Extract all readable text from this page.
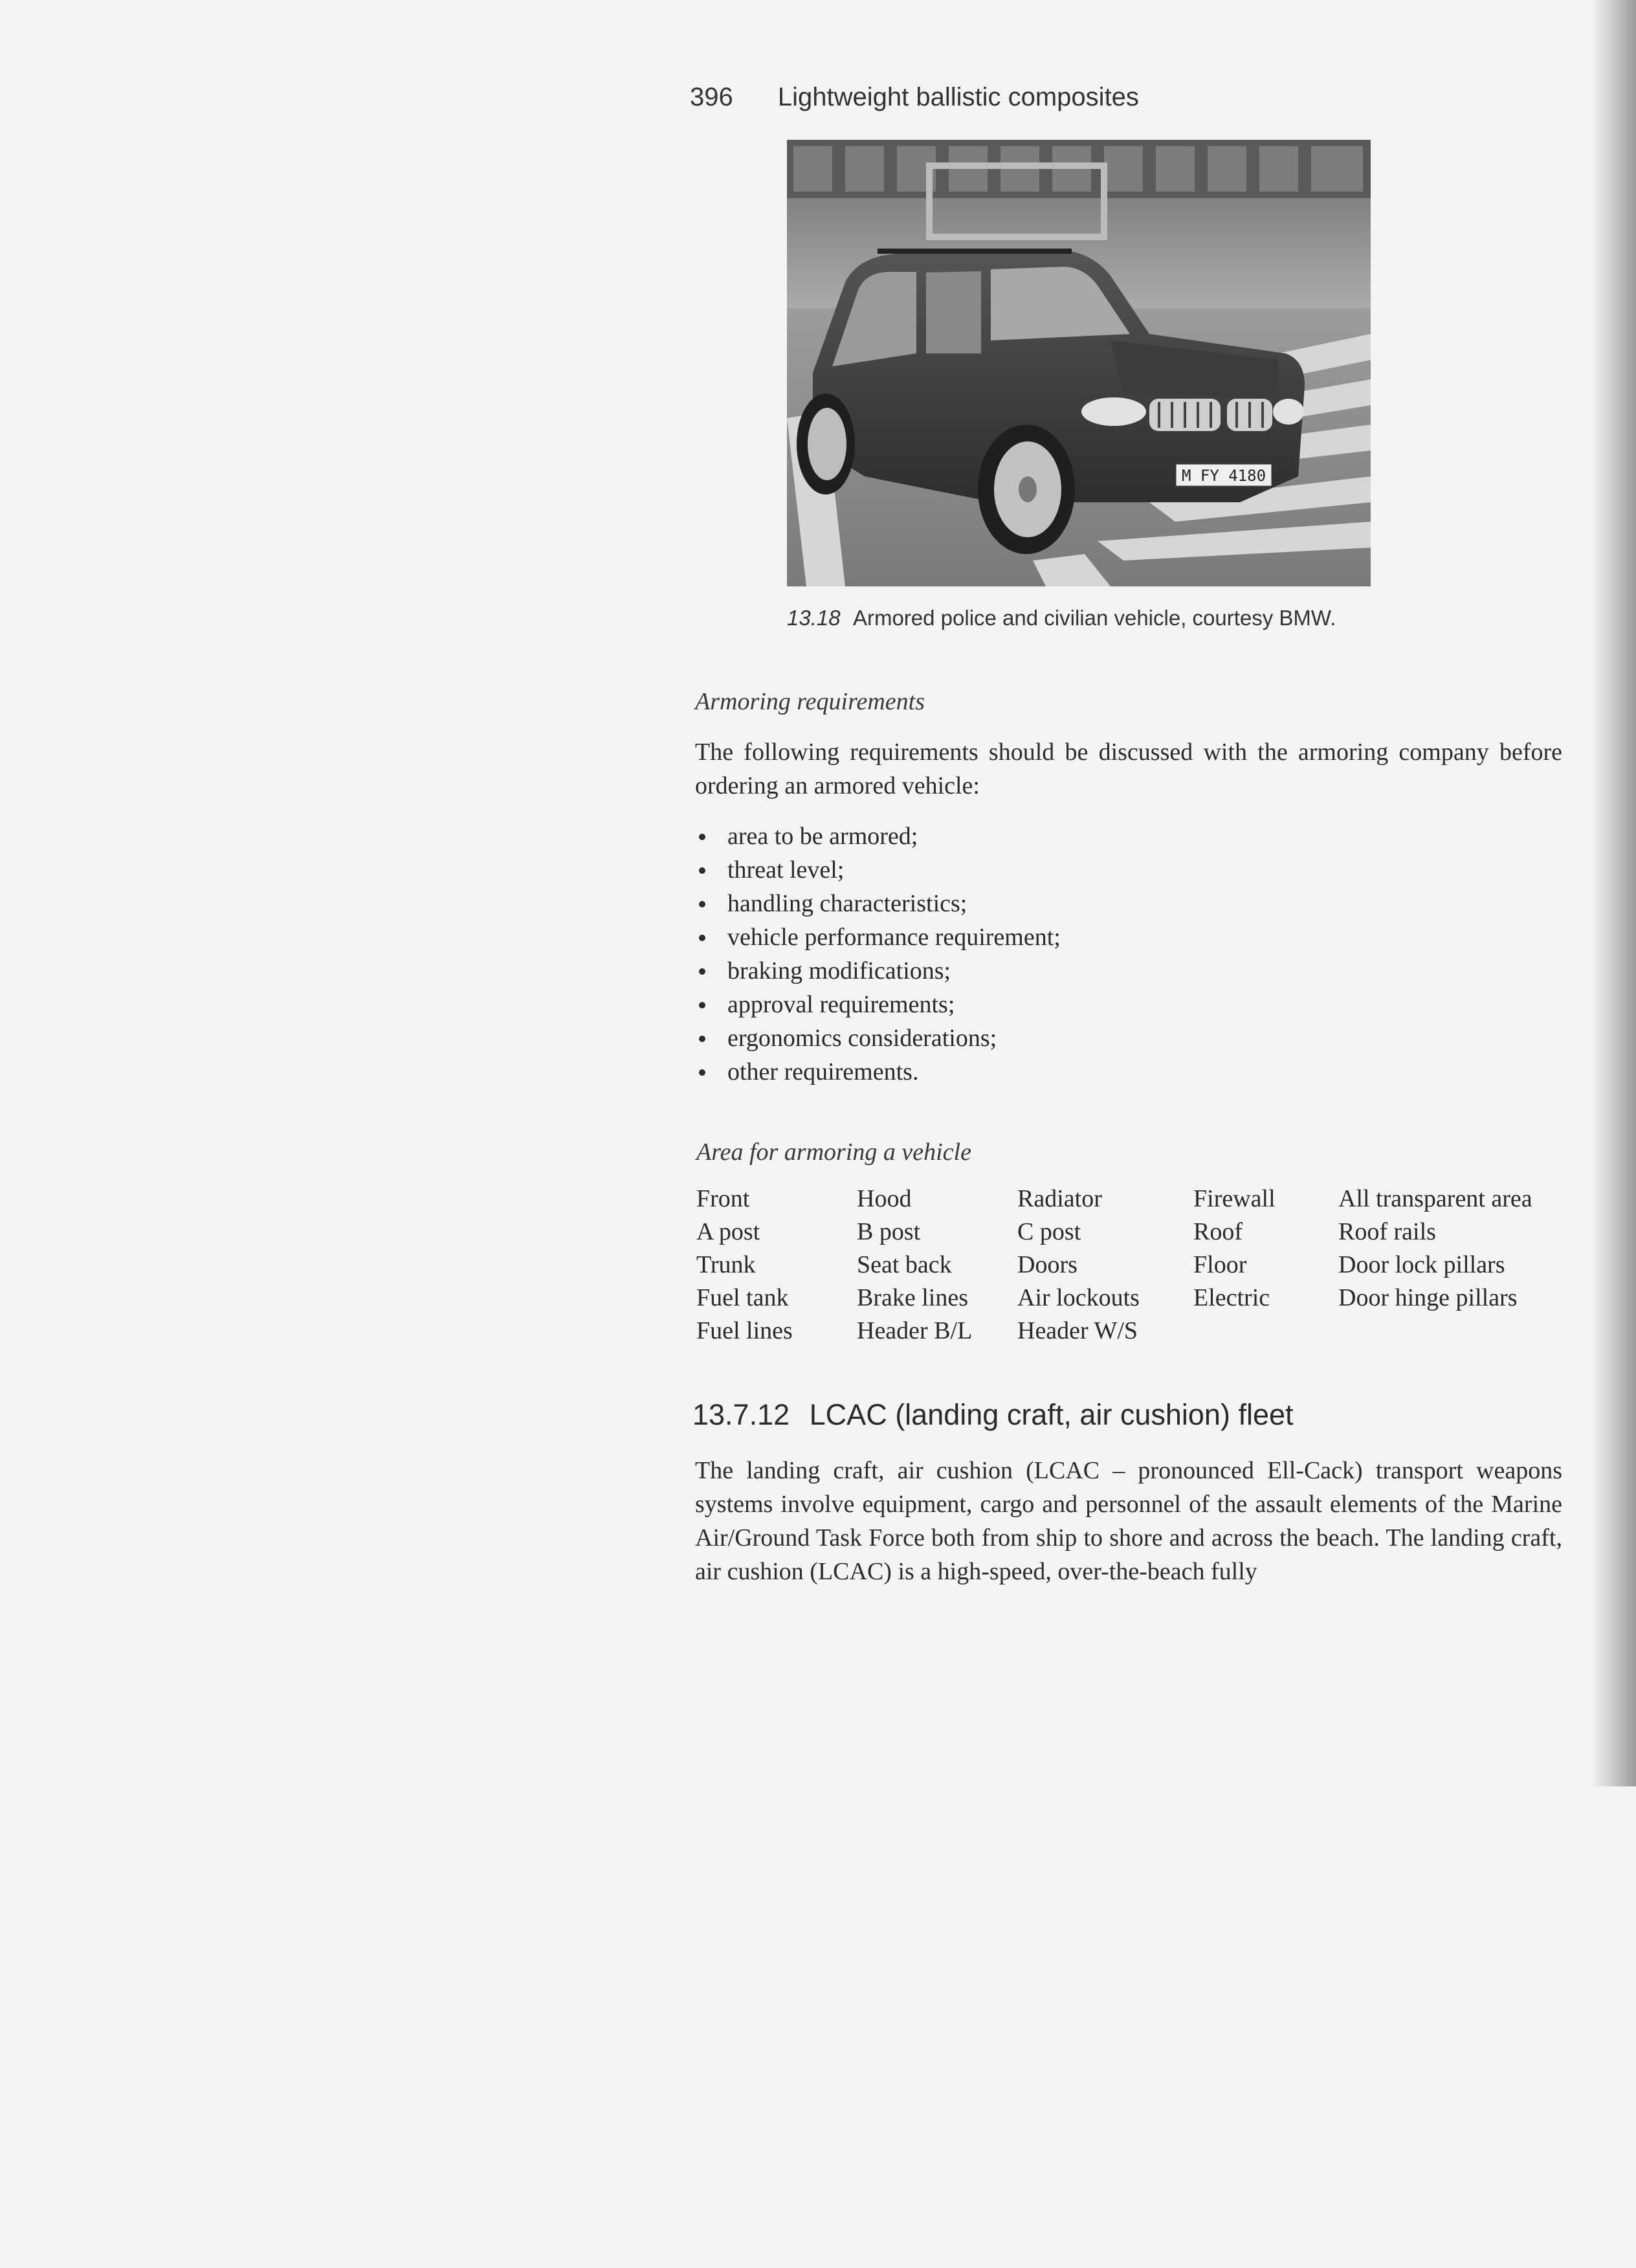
396 Lightweight ballistic composites
M FY 4180
13.18 Armored police and civilian vehicle, courtesy BMW.
Armoring requirements
The following requirements should be discussed with the armoring company before ordering an armored vehicle:
area to be armored;
threat level;
handling characteristics;
vehicle performance requirement;
braking modifications;
approval requirements;
ergonomics considerations;
other requirements.
Area for armoring a vehicle
Front	Hood	Radiator	Firewall	All transparent area
A post	B post	C post	Roof	Roof rails
Trunk	Seat back	Doors	Floor	Door lock pillars
Fuel tank	Brake lines	Air lockouts	Electric	Door hinge pillars
Fuel lines	Header B/L	Header W/S		
13.7.12 LCAC (landing craft, air cushion) fleet
The landing craft, air cushion (LCAC – pronounced Ell-Cack) transport weapons systems involve equipment, cargo and personnel of the assault elements of the Marine Air/Ground Task Force both from ship to shore and across the beach. The landing craft, air cushion (LCAC) is a high-speed, over-the-beach fully
